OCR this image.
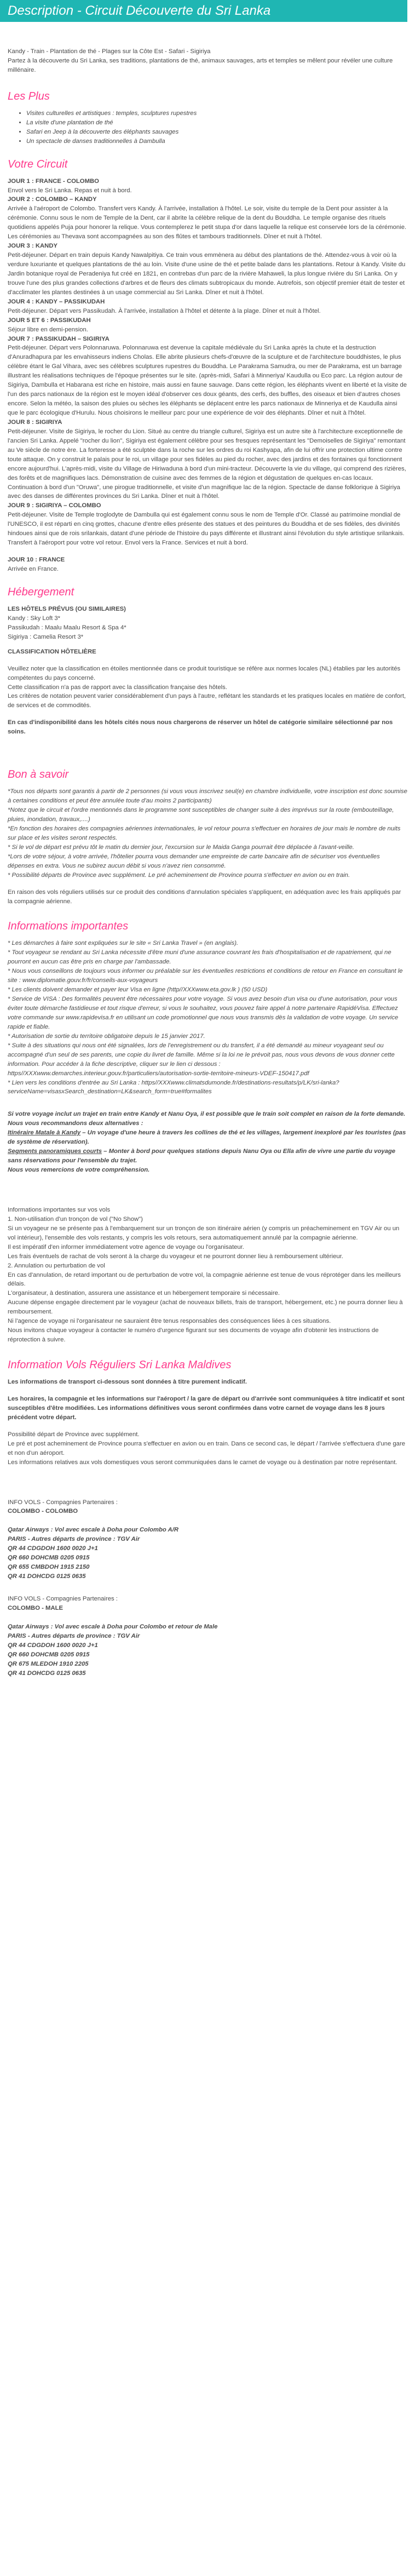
Description - Circuit Découverte du Sri Lanka
Kandy - Train - Plantation de thé - Plages sur la Côte Est - Safari - Sigiriya
Partez à la découverte du Sri Lanka, ses traditions, plantations de thé, animaux sauvages, arts et temples se mêlent pour révéler une culture millénaire.
Les Plus
• Visites culturelles et artistiques : temples, sculptures rupestres
• La visite d'une plantation de thé
• Safari en Jeep à la découverte des éléphants sauvages
• Un spectacle de danses traditionnelles à Dambulla
Votre Circuit
JOUR 1 : FRANCE - COLOMBO
Envol vers le Sri Lanka. Repas et nuit à bord.
JOUR 2 : COLOMBO – KANDY
Arrivée à l'aéroport de Colombo. Transfert vers Kandy. À l'arrivée, installation à l'hôtel. Le soir, visite du temple de la Dent pour assister à la cérémonie. Connu sous le nom de Temple de la Dent, car il abrite la célèbre relique de la dent du Bouddha. Le temple organise des rituels quotidiens appelés Puja pour honorer la relique. Vous contemplerez le petit stupa d'or dans laquelle la relique est conservée lors de la cérémonie. Les cérémonies au Thevava sont accompagnées au son des flûtes et tambours traditionnels. Dîner et nuit à l'hôtel.
JOUR 3 : KANDY
Petit-déjeuner. Départ en train depuis Kandy Nawalpitiya. Ce train vous emmènera au début des plantations de thé. Attendez-vous à voir où la verdure luxuriante et quelques plantations de thé au loin. Visite d'une usine de thé et petite balade dans les plantations. Retour à Kandy. Visite du Jardin botanique royal de Peradeniya fut créé en 1821, en contrebas d'un parc de la rivière Mahaweli, la plus longue rivière du Sri Lanka. On y trouve l'une des plus grandes collections d'arbres et de fleurs des climats subtropicaux du monde. Autrefois, son objectif premier était de tester et d'acclimater les plantes destinées à un usage commercial au Sri Lanka. Dîner et nuit à l'hôtel.
JOUR 4 : KANDY – PASSIKUDAH
Petit-déjeuner. Départ vers Passikudah. À l'arrivée, installation à l'hôtel et détente à la plage. Dîner et nuit à l'hôtel.
JOUR 5 ET 6 : PASSIKUDAH
Séjour libre en demi-pension.
JOUR 7 : PASSIKUDAH – SIGIRIYA
Petit-déjeuner. Départ vers Polonnaruwa. Polonnaruwa est devenue la capitale médiévale du Sri Lanka après la chute et la destruction d'Anuradhapura par les envahisseurs indiens Cholas. Elle abrite plusieurs chefs-d'œuvre de la sculpture et de l'architecture bouddhistes, le plus célèbre étant le Gal Vihara, avec ses célèbres sculptures rupestres du Bouddha. Le Parakrama Samudra, ou mer de Parakrama, est un barrage illustrant les réalisations techniques de l'époque présentes sur le site. (après-midi, Safari à Minneriya/ Kaudulla ou Eco parc. La région autour de Sigiriya, Dambulla et Habarana est riche en histoire, mais aussi en faune sauvage. Dans cette région, les éléphants vivent en liberté et la visite de l'un des parcs nationaux de la région est le moyen idéal d'observer ces doux géants, des cerfs, des buffles, des oiseaux et bien d'autres choses encore. Selon la météo, la saison des pluies ou sèches les éléphants se déplacent entre les parcs nationaux de Minneriya et de Kaudulla ainsi que le parc écologique d'Hurulu. Nous choisirons le meilleur parc pour une expérience de voir des éléphants. Dîner et nuit à l'hôtel.
JOUR 8 : SIGIRIYA
Petit-déjeuner. Visite de Sigiriya, le rocher du Lion. Situé au centre du triangle culturel, Sigiriya est un autre site à l'architecture exceptionnelle de l'ancien Sri Lanka. Appelé "rocher du lion", Sigiriya est également célèbre pour ses fresques représentant les "Demoiselles de Sigiriya" remontant au Ve siècle de notre ère. La forteresse a été sculptée dans la roche sur les ordres du roi Kashyapa, afin de lui offrir une protection ultime contre toute attaque. On y construit le palais pour le roi, un village pour ses fidèles au pied du rocher, avec des jardins et des fontaines qui fonctionnent encore aujourd'hui. L'après-midi, visite du Village de Hiriwaduna à bord d'un mini-tracteur. Découverte la vie du village, qui comprend des rizières, des forêts et de magnifiques lacs. Démonstration de cuisine avec des femmes de la région et dégustation de quelques en-cas locaux. Continuation à bord d'un "Oruwa", une pirogue traditionnelle, et visite d'un magnifique lac de la région. Spectacle de danse folklorique à Sigiriya avec des danses de différentes provinces du Sri Lanka. Dîner et nuit à l'hôtel.
JOUR 9 : SIGIRIYA – COLOMBO
Petit-déjeuner. Visite de Temple troglodyte de Dambulla qui est également connu sous le nom de Temple d'Or. Classé au patrimoine mondial de l'UNESCO, il est réparti en cinq grottes, chacune d'entre elles présente des statues et des peintures du Bouddha et de ses fidèles, des divinités hindoues ainsi que de rois srilankais, datant d'une période de l'histoire du pays différente et illustrant ainsi l'évolution du style artistique srilankais. Transfert à l'aéroport pour votre vol retour. Envol vers la France. Services et nuit à bord.
JOUR 10 : FRANCE
Arrivée en France.
Hébergement
LES HÔTELS PRÉVUS (OU SIMILAIRES)
Kandy : Sky Loft 3*
Passikudah : Maalu Maalu Resort & Spa 4*
Sigiriya : Camelia Resort 3*
CLASSIFICATION HÔTELIÈRE
Veuillez noter que la classification en étoiles mentionnée dans ce produit touristique se réfère aux normes locales (NL) établies par les autorités compétentes du pays concerné.
Cette classification n'a pas de rapport avec la classification française des hôtels.
Les critères de notation peuvent varier considérablement d'un pays à l'autre, reflétant les standards et les pratiques locales en matière de confort, de services et de commodités.
En cas d'indisponibilité dans les hôtels cités nous nous chargerons de réserver un hôtel de catégorie similaire sélectionné par nos soins.
Bon à savoir
*Tous nos départs sont garantis à partir de 2 personnes (si vous vous inscrivez seul(e) en chambre individuelle, votre inscription est donc soumise à certaines conditions et peut être annulée toute d'au moins 2 participants)
*Notez que le circuit et l'ordre mentionnés dans le programme sont susceptibles de changer suite à des imprévus sur la route (embouteillage, pluies, inondation, travaux,....)
*En fonction des horaires des compagnies aériennes internationales, le vol retour pourra s'effectuer en horaires de jour mais le nombre de nuits sur place et les visites seront respectés.
* Si le vol de départ est prévu tôt le matin du dernier jour, l'excursion sur le Maida Ganga pourrait être déplacée à l'avant-veille.
*Lors de votre séjour, à votre arrivée, l'hôtelier pourra vous demander une empreinte de carte bancaire afin de sécuriser vos éventuelles dépenses en extra. Vous ne subirez aucun débit si vous n'avez rien consommé.
* Possibilité départs de Province avec supplément. Le pré acheminement de Province pourra s'effectuer en avion ou en train.
En raison des vols réguliers utilisés sur ce produit des conditions d'annulation spéciales s'appliquent, en adéquation avec les frais appliqués par la compagnie aérienne.
Informations importantes
* Les démarches à faire sont expliquées sur le site « Sri Lanka Travel » (en anglais).
* Tout voyageur se rendant au Sri Lanka nécessite d'être muni d'une assurance couvrant les frais d'hospitalisation et de rapatriement, qui ne pourront en aucun cas être pris en charge par l'ambassade.
* Nous vous conseillons de toujours vous informer ou préalable sur les éventuelles restrictions et conditions de retour en France en consultant le site : www.diplomatie.gouv.fr/fr/conseils-aux-voyageurs
* Les clients doivent demander et payer leur Visa en ligne (http//XXXwww.eta.gov.lk ) (50 USD)
* Service de VISA : Des formalités peuvent être nécessaires pour votre voyage. Si vous avez besoin d'un visa ou d'une autorisation, pour vous éviter toute démarche fastidieuse et tout risque d'erreur, si vous le souhaitez, vous pouvez faire appel à notre partenaire RapidéVisa. Effectuez votre commande sur www.rapidevisa.fr en utilisant un code promotionnel que nous vous transmis dès la validation de votre voyage. Un service rapide et fiable.
* Autorisation de sortie du territoire obligatoire depuis le 15 janvier 2017.
* Suite à des situations qui nous ont été signalées, lors de l'enregistrement ou du transfert, il a été demandé au mineur voyageant seul ou accompagné d'un seul de ses parents, une copie du livret de famille. Même si la loi ne le prévoit pas, nous vous devons de vous donner cette information. Pour accéder à la fiche descriptive, cliquer sur le lien ci dessous : https//XXXwww.demarches.interieur.gouv.fr/particuliers/autorisation-sortie-territoire-mineurs-VDEF-150417.pdf
* Lien vers les conditions d'entrée au Sri Lanka : https//XXXwww.climatsdumonde.fr/destinations-resultats/p/LK/sri-lanka?serviceName=visasxSearch_destination=LK&search_form=true#formalites
Si votre voyage inclut un trajet en train entre Kandy et Nanu Oya, il est possible que le train soit complet en raison de la forte demande.
Nous vous recommandons deux alternatives :
Itinéraire Matale à Kandy – Un voyage d'une heure à travers les collines de thé et les villages, largement inexploré par les touristes (pas de système de réservation).
Segments panoramiques courts – Monter à bord pour quelques stations depuis Nanu Oya ou Ella afin de vivre une partie du voyage sans réservations pour l'ensemble du trajet.
Nous vous remercions de votre compréhension.
Informations importantes sur vos vols
1. Non-utilisation d'un tronçon de vol ("No Show")
Si un voyageur ne se présente pas à l'embarquement sur un tronçon de son itinéraire aérien (y compris un préacheminement en TGV Air ou un vol intérieur), l'ensemble des vols restants, y compris les vols retours, sera automatiquement annulé par la compagnie aérienne.
Il est impératif d'en informer immédiatement votre agence de voyage ou l'organisateur.
Les frais éventuels de rachat de vols seront à la charge du voyageur et ne pourront donner lieu à remboursement ultérieur.
2. Annulation ou perturbation de vol
En cas d'annulation, de retard important ou de perturbation de votre vol, la compagnie aérienne est tenue de vous réprotéger dans les meilleurs délais.
L'organisateur, à destination, assurera une assistance et un hébergement temporaire si nécessaire.
Aucune dépense engagée directement par le voyageur (achat de nouveaux billets, frais de transport, hébergement, etc.) ne pourra donner lieu à remboursement.
Ni l'agence de voyage ni l'organisateur ne sauraient être tenus responsables des conséquences liées à ces situations.
Nous invitons chaque voyageur à contacter le numéro d'urgence figurant sur ses documents de voyage afin d'obtenir les instructions de réprotection à suivre.
Information Vols Réguliers Sri Lanka Maldives
Les informations de transport ci-dessous sont données à titre purement indicatif.
Les horaires, la compagnie et les informations sur l'aéroport / la gare de départ ou d'arrivée sont communiquées à titre indicatif et sont susceptibles d'être modifiées. Les informations définitives vous seront confirmées dans votre carnet de voyage dans les 8 jours précédent votre départ.
Possibilité départ de Province avec supplément.
Le pré et post acheminement de Province pourra s'effectuer en avion ou en train. Dans ce second cas, le départ / l'arrivée s'effectuera d'une gare et non d'un aéroport.
Les informations relatives aux vols domestiques vous seront communiquées dans le carnet de voyage ou à destination par notre représentant.
INFO VOLS - Compagnies Partenaires :
COLOMBO - COLOMBO
Qatar Airways : Vol avec escale à Doha pour Colombo A/R
PARIS - Autres départs de province : TGV Air
QR 44 CDGDOH 1600 0020 J+1
QR 660 DOHCMB 0205 0915
QR 655 CMBDOH 1915 2150
QR 41 DOHCDG 0125 0635
INFO VOLS - Compagnies Partenaires :
COLOMBO - MALE
Qatar Airways : Vol avec escale à Doha pour Colombo et retour de Male
PARIS - Autres départs de province : TGV Air
QR 44 CDGDOH 1600 0020 J+1
QR 660 DOHCMB 0205 0915
QR 675 MLEDOH 1910 2205
QR 41 DOHCDG 0125 0635
